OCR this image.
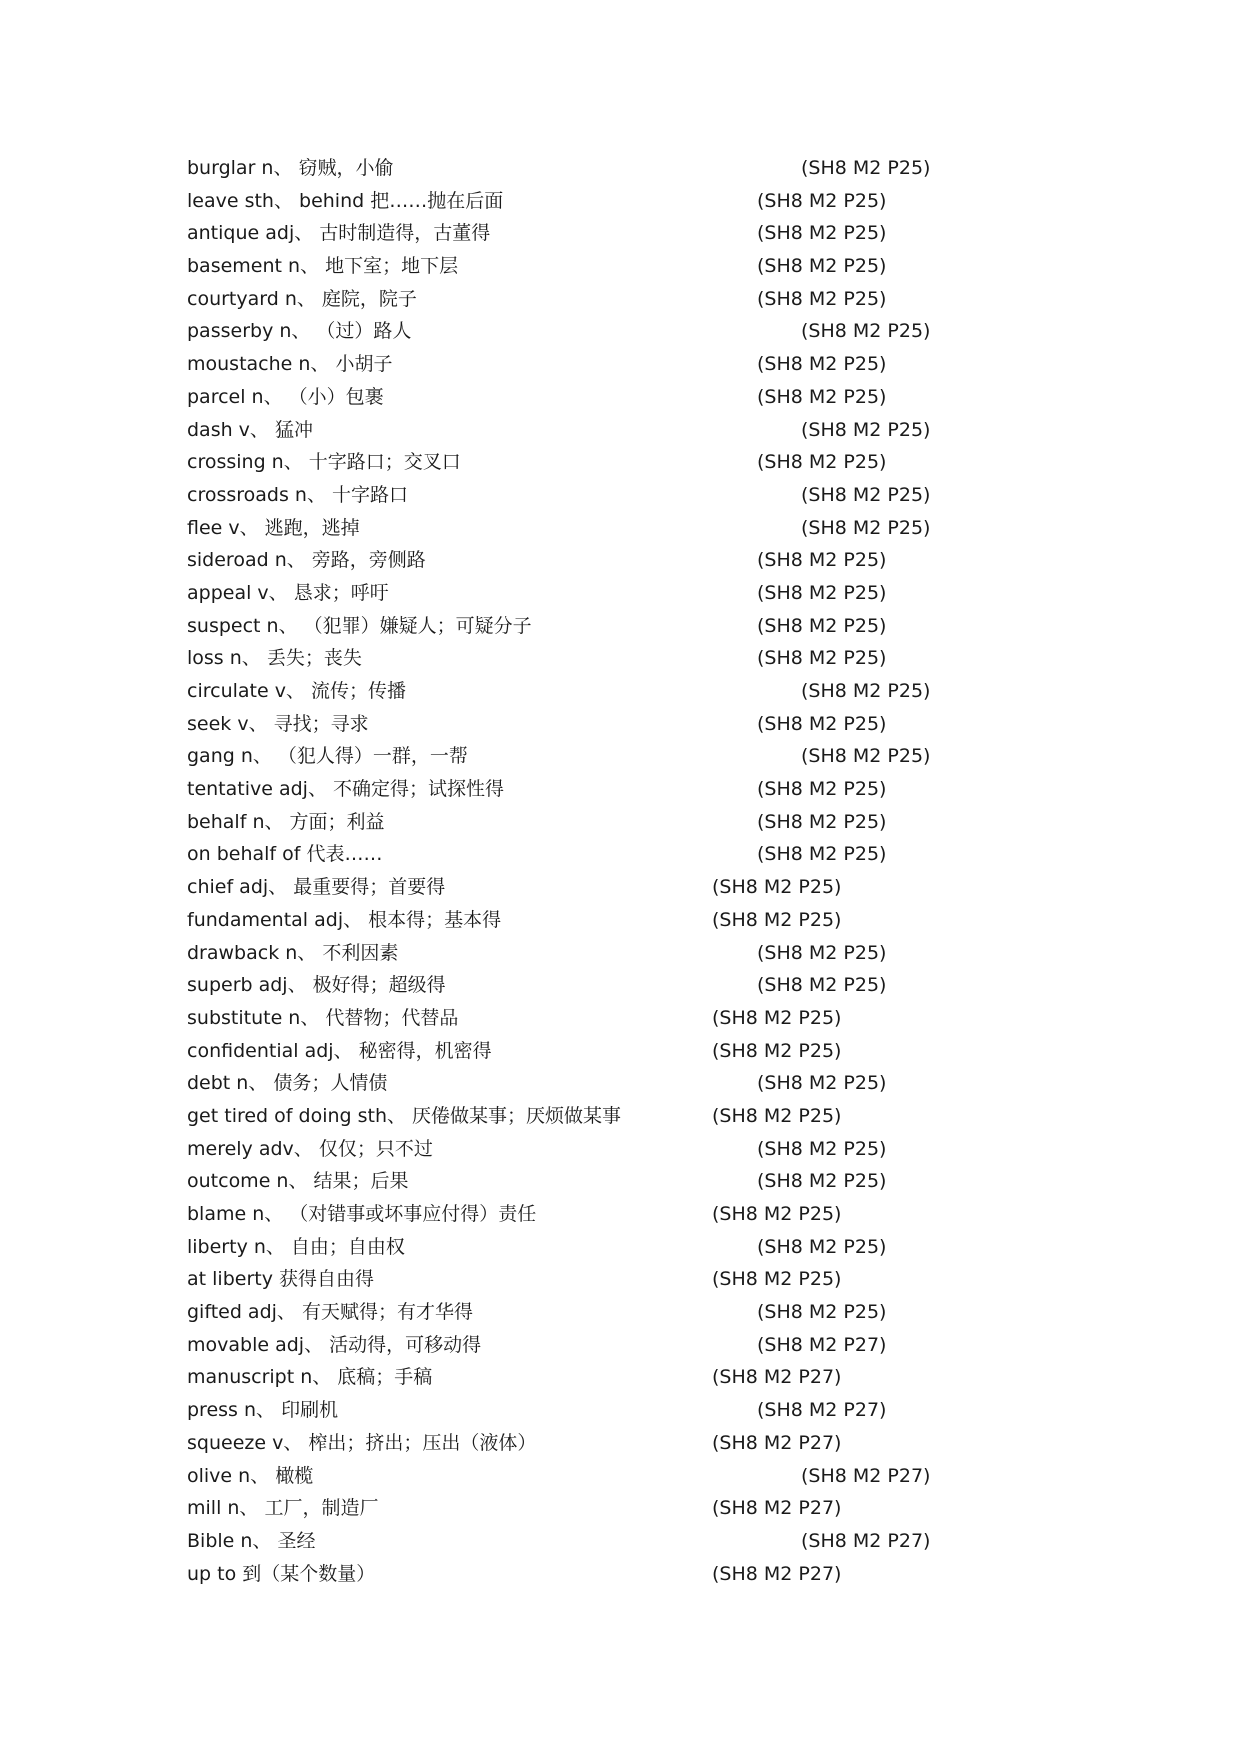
burglar n、 窃贼，小偷	(SH8 M2 P25)
leave sth、 behind 把……抛在后面	(SH8 M2 P25)
antique adj、 古时制造得，古董得	(SH8 M2 P25)
basement n、 地下室；地下层	(SH8 M2 P25)
courtyard n、 庭院，院子	(SH8 M2 P25)
passerby n、 （过）路人	(SH8 M2 P25)
moustache n、 小胡子	(SH8 M2 P25)
parcel n、 （小）包裹	(SH8 M2 P25)
dash v、 猛冲	(SH8 M2 P25)
crossing n、 十字路口；交叉口	(SH8 M2 P25)
crossroads n、 十字路口	(SH8 M2 P25)
flee v、 逃跑，逃掉	(SH8 M2 P25)
sideroad n、 旁路，旁侧路	(SH8 M2 P25)
appeal v、 恳求；呼吁	(SH8 M2 P25)
suspect n、 （犯罪）嫌疑人；可疑分子	(SH8 M2 P25)
loss n、 丢失；丧失	(SH8 M2 P25)
circulate v、 流传；传播	(SH8 M2 P25)
seek v、 寻找；寻求	(SH8 M2 P25)
gang n、 （犯人得）一群，一帮	(SH8 M2 P25)
tentative adj、 不确定得；试探性得	(SH8 M2 P25)
behalf n、 方面；利益	(SH8 M2 P25)
on behalf of 代表……	(SH8 M2 P25)
chief adj、 最重要得；首要得	(SH8 M2 P25)
fundamental adj、 根本得；基本得	(SH8 M2 P25)
drawback n、 不利因素	(SH8 M2 P25)
superb adj、 极好得；超级得	(SH8 M2 P25)
substitute n、 代替物；代替品	(SH8 M2 P25)
confidential adj、 秘密得，机密得	(SH8 M2 P25)
debt n、 债务；人情债	(SH8 M2 P25)
get tired of doing sth、 厌倦做某事；厌烦做某事	(SH8 M2 P25)
merely adv、 仅仅；只不过	(SH8 M2 P25)
outcome n、 结果；后果	(SH8 M2 P25)
blame n、 （对错事或坏事应付得）责任	(SH8 M2 P25)
liberty n、 自由；自由权	(SH8 M2 P25)
at liberty 获得自由得	(SH8 M2 P25)
gifted adj、 有天赋得；有才华得	(SH8 M2 P25)
movable adj、 活动得，可移动得	(SH8 M2 P27)
manuscript n、 底稿；手稿	(SH8 M2 P27)
press n、 印刷机	(SH8 M2 P27)
squeeze v、 榨出；挤出；压出（液体）	(SH8 M2 P27)
olive n、 橄榄	(SH8 M2 P27)
mill n、 工厂，制造厂	(SH8 M2 P27)
Bible n、 圣经	(SH8 M2 P27)
up to 到（某个数量）	(SH8 M2 P27)
